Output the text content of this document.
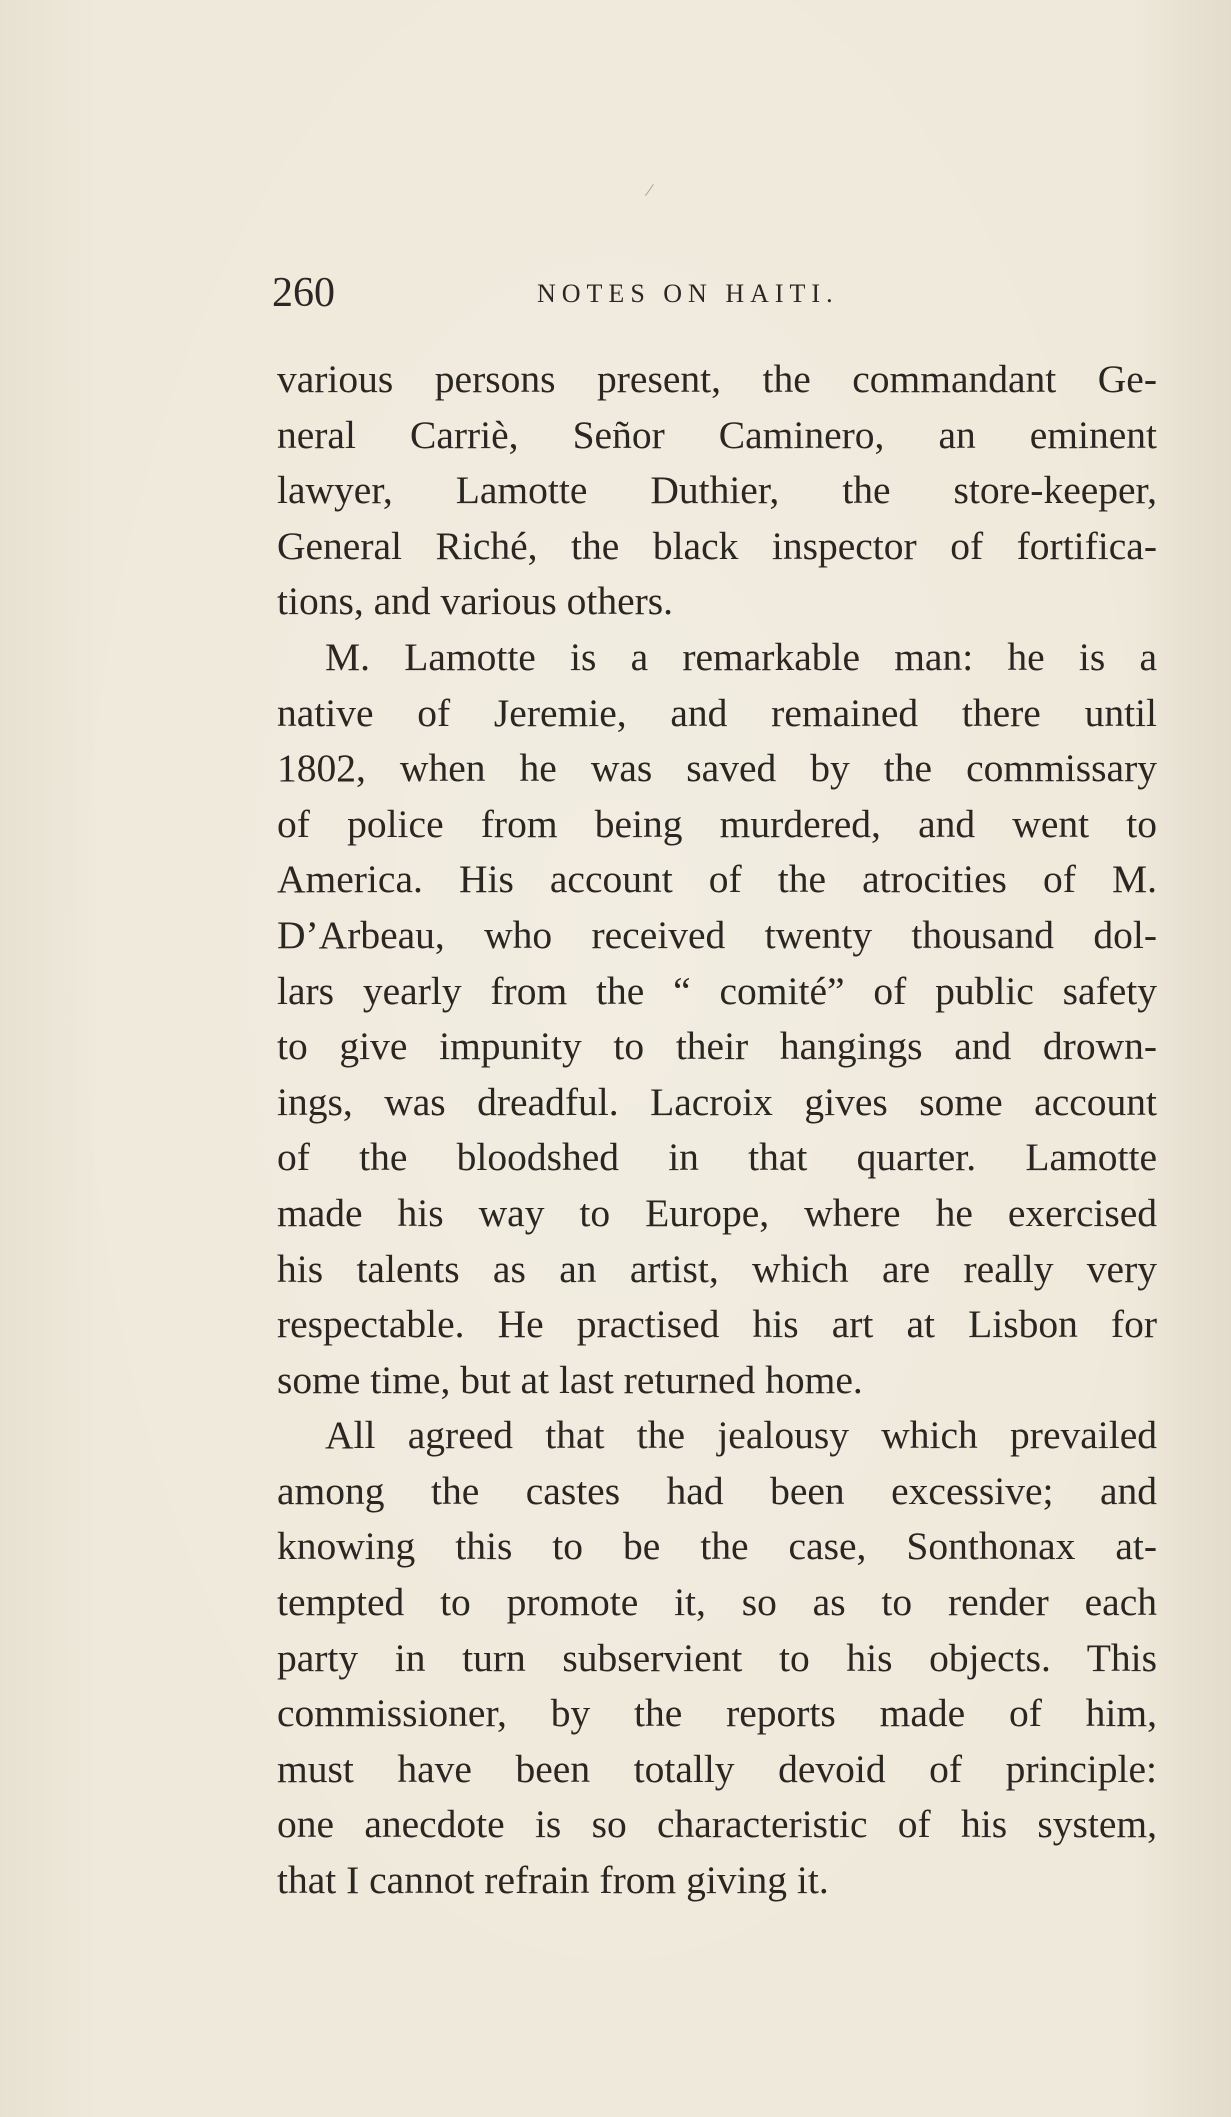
260	NOTES ON HAITI.
various persons present, the commandant Ge-
neral Carriè, Señor Caminero, an eminent
lawyer, Lamotte Duthier, the store-keeper,
General Riché, the black inspector of fortifica-
tions, and various others.
M. Lamotte is a remarkable man: he is a
native of Jeremie, and remained there until
1802, when he was saved by the commissary
of police from being murdered, and went to
America. His account of the atrocities of M.
D’Arbeau, who received twenty thousand dol-
lars yearly from the “ comité” of public safety
to give impunity to their hangings and drown-
ings, was dreadful. Lacroix gives some account
of the bloodshed in that quarter. Lamotte
made his way to Europe, where he exercised
his talents as an artist, which are really very
respectable. He practised his art at Lisbon for
some time, but at last returned home.
All agreed that the jealousy which prevailed
among the castes had been excessive; and
knowing this to be the case, Sonthonax at-
tempted to promote it, so as to render each
party in turn subservient to his objects. This
commissioner, by the reports made of him,
must have been totally devoid of principle:
one anecdote is so characteristic of his system,
that I cannot refrain from giving it.
